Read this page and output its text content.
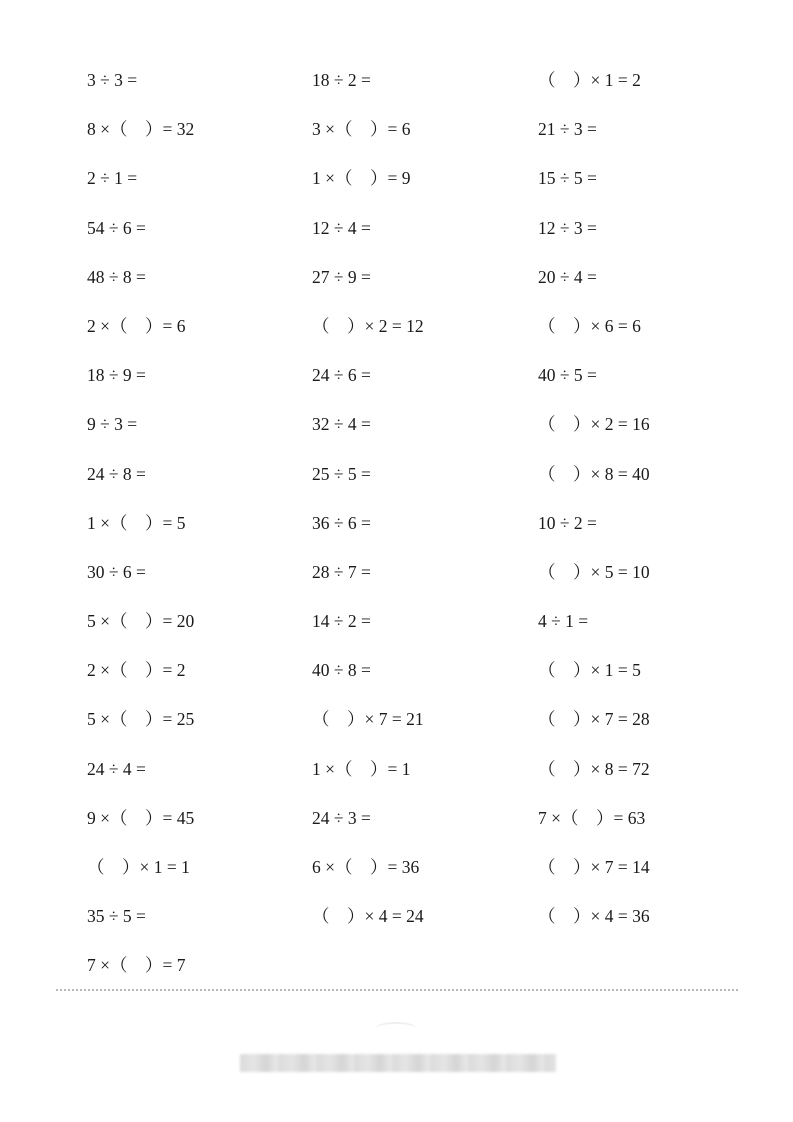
3 ÷ 3 =	18 ÷ 2 =	（　）× 1 = 2
8 ×（　）= 32	3 ×（　）= 6	21 ÷ 3 =
2 ÷ 1 =	1 ×（　）= 9	15 ÷ 5 =
54 ÷ 6 =	12 ÷ 4 =	12 ÷ 3 =
48 ÷ 8 =	27 ÷ 9 =	20 ÷ 4 =
2 ×（　）= 6	（　）× 2 = 12	（　）× 6 = 6
18 ÷ 9 =	24 ÷ 6 =	40 ÷ 5 =
9 ÷ 3 =	32 ÷ 4 =	（　）× 2 = 16
24 ÷ 8 =	25 ÷ 5 =	（　）× 8 = 40
1 ×（　）= 5	36 ÷ 6 =	10 ÷ 2 =
30 ÷ 6 =	28 ÷ 7 =	（　）× 5 = 10
5 ×（　）= 20	14 ÷ 2 =	4 ÷ 1 =
2 ×（　）= 2	40 ÷ 8 =	（　）× 1 = 5
5 ×（　）= 25	（　）× 7 = 21	（　）× 7 = 28
24 ÷ 4 =	1 ×（　）= 1	（　）× 8 = 72
9 ×（　）= 45	24 ÷ 3 =	7 ×（　）= 63
（　）× 1 = 1	6 ×（　）= 36	（　）× 7 = 14
35 ÷ 5 =	（　）× 4 = 24	（　）× 4 = 36
7 ×（　）= 7
